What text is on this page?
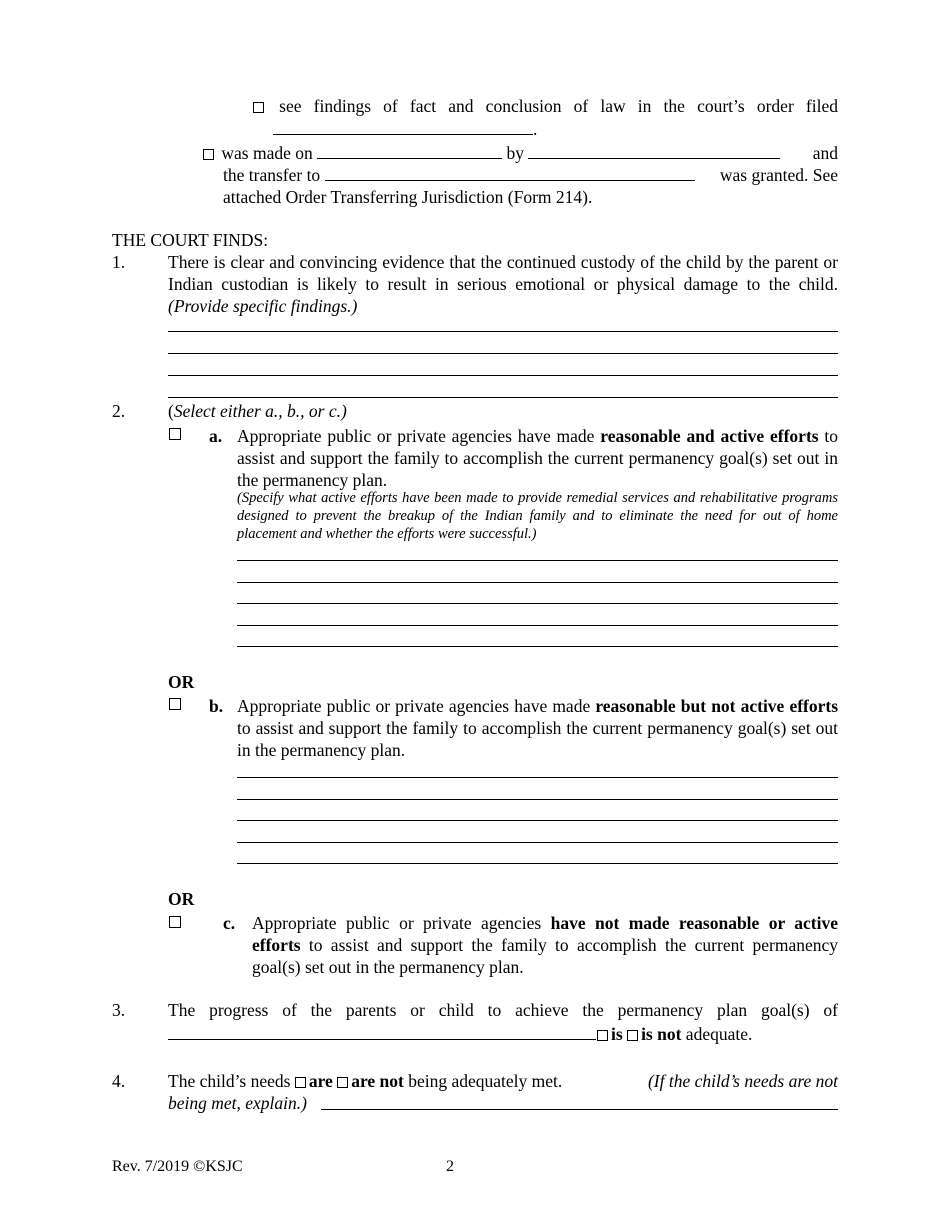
see findings of fact and conclusion of law in the court’s order filed
.
was made on	by	and
the transfer to	was granted. See
attached Order Transferring Jurisdiction (Form 214).
THE COURT FINDS:
1. There is clear and convincing evidence that the continued custody of the child by the parent or Indian custodian is likely to result in serious emotional or physical damage to the child. (Provide specific findings.)
2. (Select either a., b., or c.)
a. Appropriate public or private agencies have made reasonable and active efforts to assist and support the family to accomplish the current permanency goal(s) set out in the permanency plan.
(Specify what active efforts have been made to provide remedial services and rehabilitative programs designed to prevent the breakup of the Indian family and to eliminate the need for out of home placement and whether the efforts were successful.)
OR
b. Appropriate public or private agencies have made reasonable but not active efforts to assist and support the family to accomplish the current permanency goal(s) set out in the permanency plan.
OR
c. Appropriate public or private agencies have not made reasonable or active efforts to assist and support the family to accomplish the current permanency goal(s) set out in the permanency plan.
3. The progress of the parents or child to achieve the permanency plan goal(s) of
is is not adequate.
4. The child’s needs are are not being adequately met.	(If the child’s needs are not
being met, explain.)
Rev. 7/2019 ©KSJC	2
